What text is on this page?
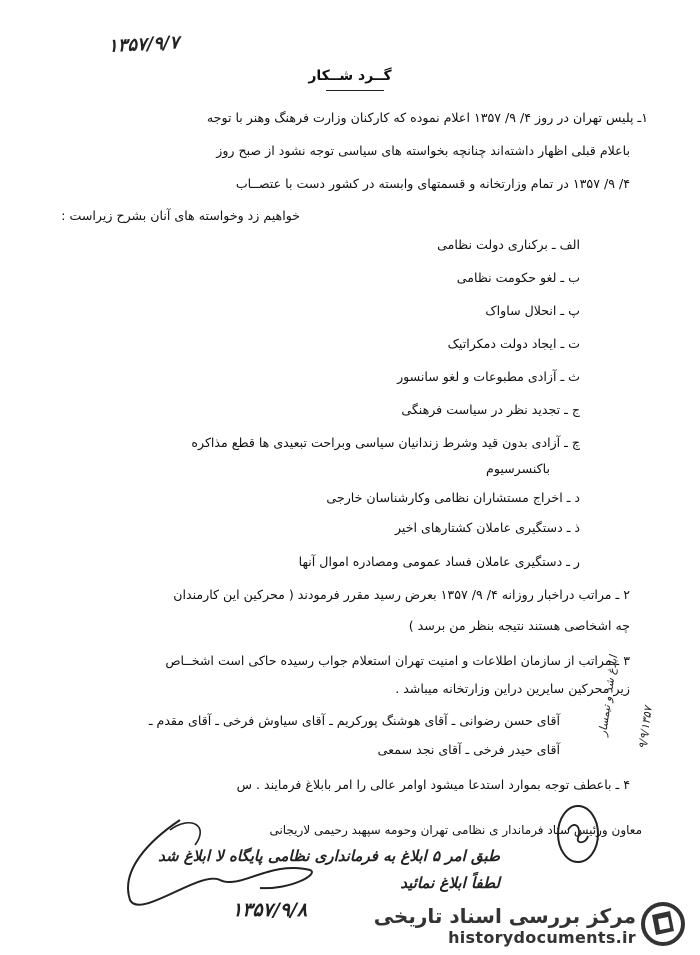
۱۳۵۷/۹/۷
گــرد شــکار
۱ـ پلیس تهران در روز ۴/ ۹/ ۱۳۵۷ اعلام نموده که کارکنان وزارت فرهنگ وهنر با توجه
باعلام قبلی اظهار داشته‌اند چنانچه بخواسته های سیاسی توجه نشود از صبح روز
۴/ ۹/ ۱۳۵۷ در تمام وزارتخانه و قسمتهای وابسته در کشور دست با عتصــاب
خواهیم زد وخواسته های آنان بشرح زیراست :
الف ـ برکناری دولت نظامی
ب ـ لغو حکومت نظامی
پ ـ انحلال ساواک
ت ـ ایجاد دولت دمکراتیک
ث ـ آزادی مطبوعات و لغو سانسور
ج ـ تجدید نظر در سیاست فرهنگی
چ ـ آزادی بدون قید وشرط زندانیان سیاسی وبراحت تبعیدی ها قطع مذاکره
باکنسرسیوم
د ـ اخراج مستشاران نظامی وکارشناسان خارجی
ذ ـ دستگیری عاملان کشتارهای اخیر
ر ـ دستگیری عاملان فساد عمومی ومصادره اموال آنها
۲ ـ مراتب دراخبار روزانه ۴/ ۹/ ۱۳۵۷ بعرض رسید مقرر فرمودند ( محرکین این کارمندان
چه اشخاصی هستند نتیجه بنظر من برسد )
۳ ـ مراتب از سازمان اطلاعات و امنیت تهران استعلام جواب رسیده حاکی است اشخــاص
زیر محرکین سایرین دراین وزارتخانه میباشد .
آقای حسن رضوانی ـ آقای هوشنگ پورکریم ـ آقای سیاوش فرخی ـ آقای مقدم ـ
آقای حیدر فرخی ـ آقای نجد سمعی
۴ ـ باعطف توجه بموارد استدعا میشود اوامر عالی را امر بابلاغ فرمایند . س
معاون ورئیس ستاد فرماندار ی نظامی تهران وحومه سپهبد رحیمی لاریجانی
طبق امر ۵ ابلاغ به فرمانداری نظامی پایگاه لا ابلاغ شد
لطفاً ابلاغ نمائید
۱۳۵۷/۹/۸
ابلاغ شد و تیمسار ۹/۹/۱۳۵۷
مرکز بررسی اسناد تاریخی
historydocuments.ir
